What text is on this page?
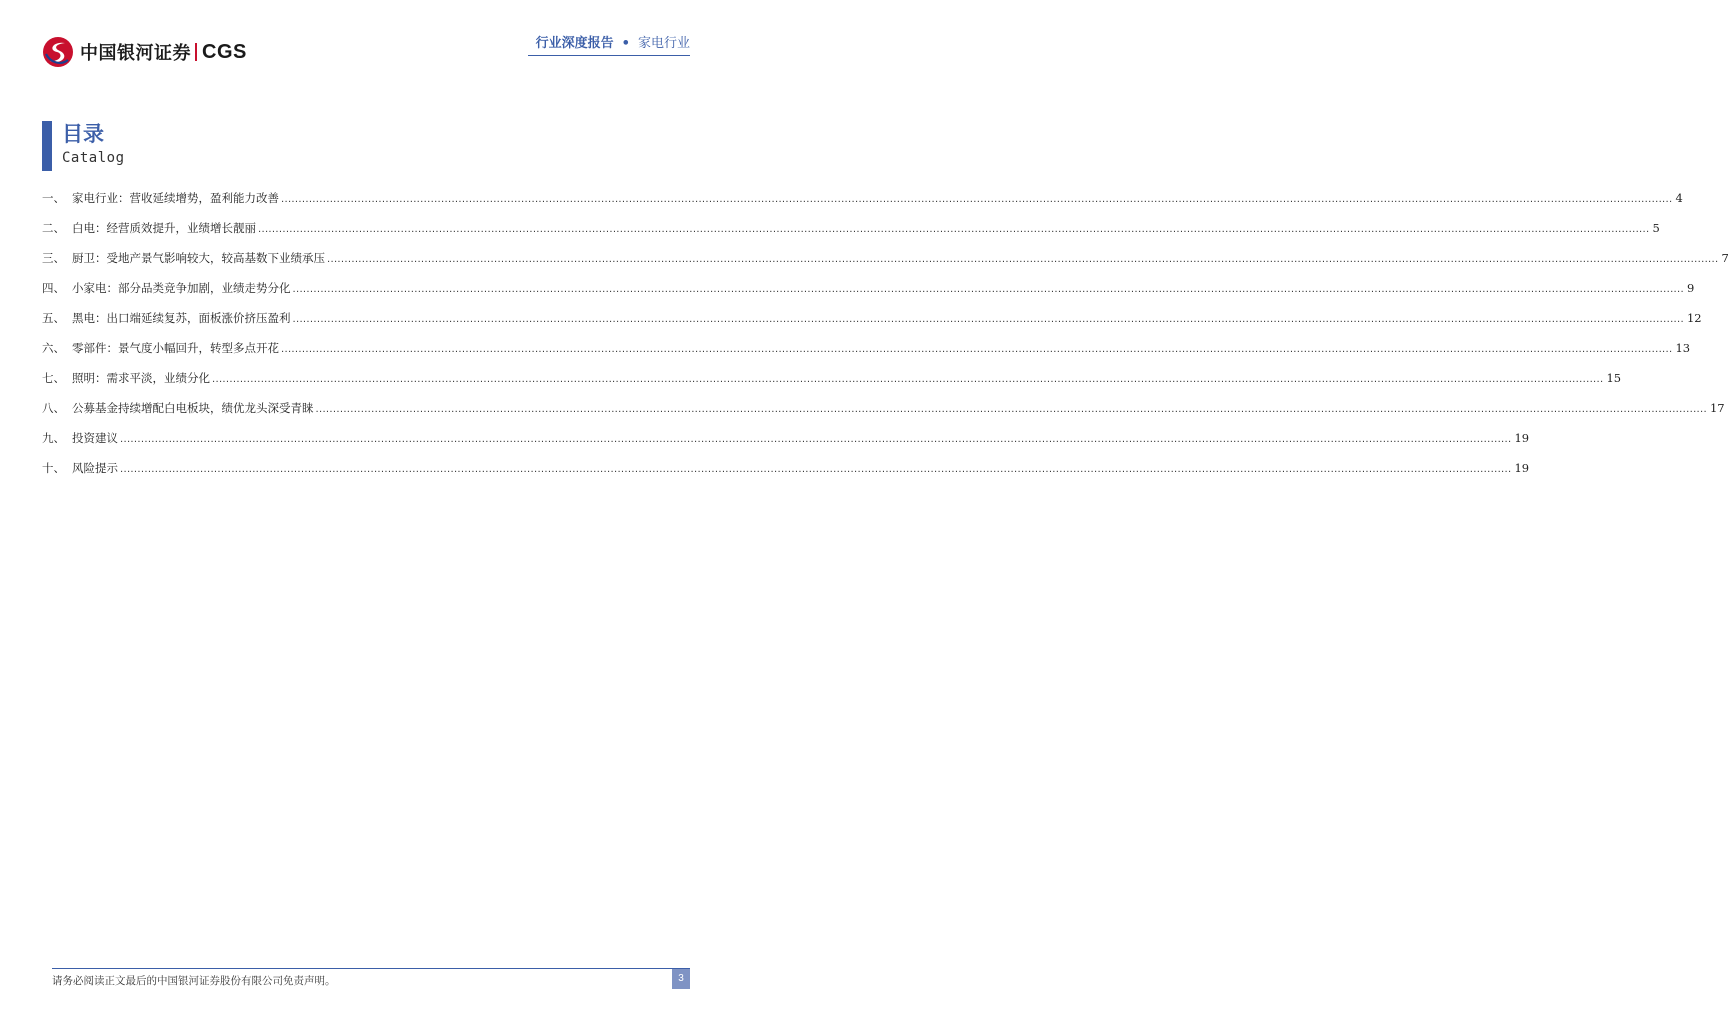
中国银河证券 CGS	行业深度报告 • 家电行业
目录
Catalog
一、 家电行业：营收延续增势，盈利能力改善 ................................................................................................................................................................................................................................................................................................................................................................................................................ 4
二、 白电：经营质效提升，业绩增长靓丽 ................................................................................................................................................................................................................................................................................................................................................................................................................ 5
三、 厨卫：受地产景气影响较大，较高基数下业绩承压 ................................................................................................................................................................................................................................................................................................................................................................................................................ 7
四、 小家电：部分品类竞争加剧，业绩走势分化 ................................................................................................................................................................................................................................................................................................................................................................................................................ 9
五、 黑电：出口端延续复苏，面板涨价挤压盈利 ................................................................................................................................................................................................................................................................................................................................................................................................................ 12
六、 零部件：景气度小幅回升，转型多点开花 ................................................................................................................................................................................................................................................................................................................................................................................................................ 13
七、 照明：需求平淡，业绩分化 ................................................................................................................................................................................................................................................................................................................................................................................................................ 15
八、 公募基金持续增配白电板块，绩优龙头深受青睐 ................................................................................................................................................................................................................................................................................................................................................................................................................ 17
九、 投资建议 ................................................................................................................................................................................................................................................................................................................................................................................................................ 19
十、 风险提示 ................................................................................................................................................................................................................................................................................................................................................................................................................ 19
请务必阅读正文最后的中国银河证券股份有限公司免责声明。	3
